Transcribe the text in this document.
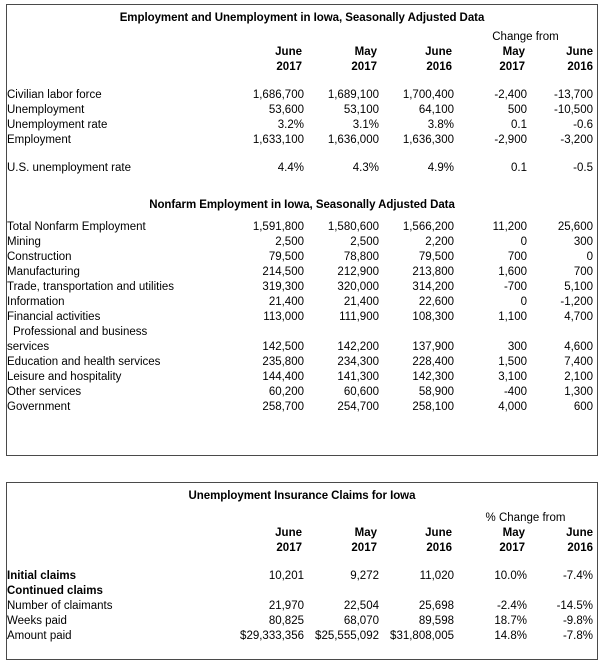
Employment and Unemployment in Iowa, Seasonally Adjusted Data

				Change from	
	June	May	June	May	June
	2017	2017	2016	2017	2016

Civilian labor force	1,686,700	1,689,100	1,700,400	-2,400	-13,700
Unemployment	53,600	53,100	64,100	500	-10,500
Unemployment rate	3.2%	3.1%	3.8%	0.1	-0.6
Employment	1,633,100	1,636,000	1,636,300	-2,900	-3,200

U.S. unemployment rate	4.4%	4.3%	4.9%	0.1	-0.5
Nonfarm Employment in Iowa, Seasonally Adjusted Data

Total Nonfarm Employment	1,591,800	1,580,600	1,566,200	11,200	25,600
Mining	2,500	2,500	2,200	0	300
Construction	79,500	78,800	79,500	700	0
Manufacturing	214,500	212,900	213,800	1,600	700
Trade, transportation and utilities	319,300	320,000	314,200	-700	5,100
Information	21,400	21,400	22,600	0	-1,200
Financial activities	113,000	111,900	108,300	1,100	4,700
Professional and business					
services	142,500	142,200	137,900	300	4,600
Education and health services	235,800	234,300	228,400	1,500	7,400
Leisure and hospitality	144,400	141,300	142,300	3,100	2,100
Other services	60,200	60,600	58,900	-400	1,300
Government	258,700	254,700	258,100	4,000	600
Unemployment Insurance Claims for Iowa

				% Change from	
	June	May	June	May	June
	2017	2017	2016	2017	2016

Initial claims	10,201	9,272	11,020	10.0%	-7.4%
Continued claims					
Number of claimants	21,970	22,504	25,698	-2.4%	-14.5%
Weeks paid	80,825	68,070	89,598	18.7%	-9.8%
Amount paid	$29,333,356	$25,555,092	$31,808,005	14.8%	-7.8%
